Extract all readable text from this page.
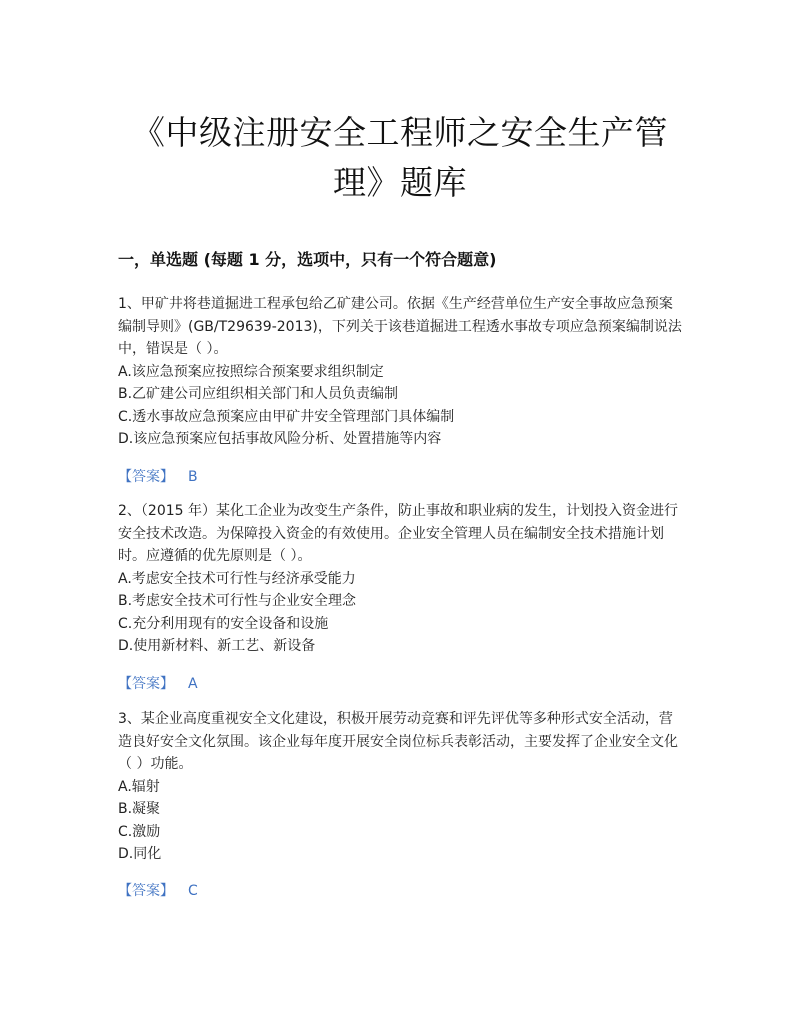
《中级注册安全工程师之安全生产管
理》题库
一，单选题 (每题 1 分，选项中，只有一个符合题意)

1、甲矿井将巷道掘进工程承包给乙矿建公司。依据《生产经营单位生产安全事故应急预案编制导则》(GB/T29639-2013)，下列关于该巷道掘进工程透水事故专项应急预案编制说法中，错误是（ ）。

A.该应急预案应按照综合预案要求组织制定

B.乙矿建公司应组织相关部门和人员负责编制

C.透水事故应急预案应由甲矿井安全管理部门具体编制

D.该应急预案应包括事故风险分析、处置措施等内容

【答案】 B

2、（2015 年）某化工企业为改变生产条件，防止事故和职业病的发生，计划投入资金进行安全技术改造。为保障投入资金的有效使用。企业安全管理人员在编制安全技术措施计划时。应遵循的优先原则是（ ）。

A.考虑安全技术可行性与经济承受能力

B.考虑安全技术可行性与企业安全理念

C.充分利用现有的安全设备和设施

D.使用新材料、新工艺、新设备

【答案】 A

3、某企业高度重视安全文化建设，积极开展劳动竞赛和评先评优等多种形式安全活动，营造良好安全文化氛围。该企业每年度开展安全岗位标兵表彰活动，主要发挥了企业安全文化（ ）功能。

A.辐射

B.凝聚

C.激励

D.同化

【答案】 C
